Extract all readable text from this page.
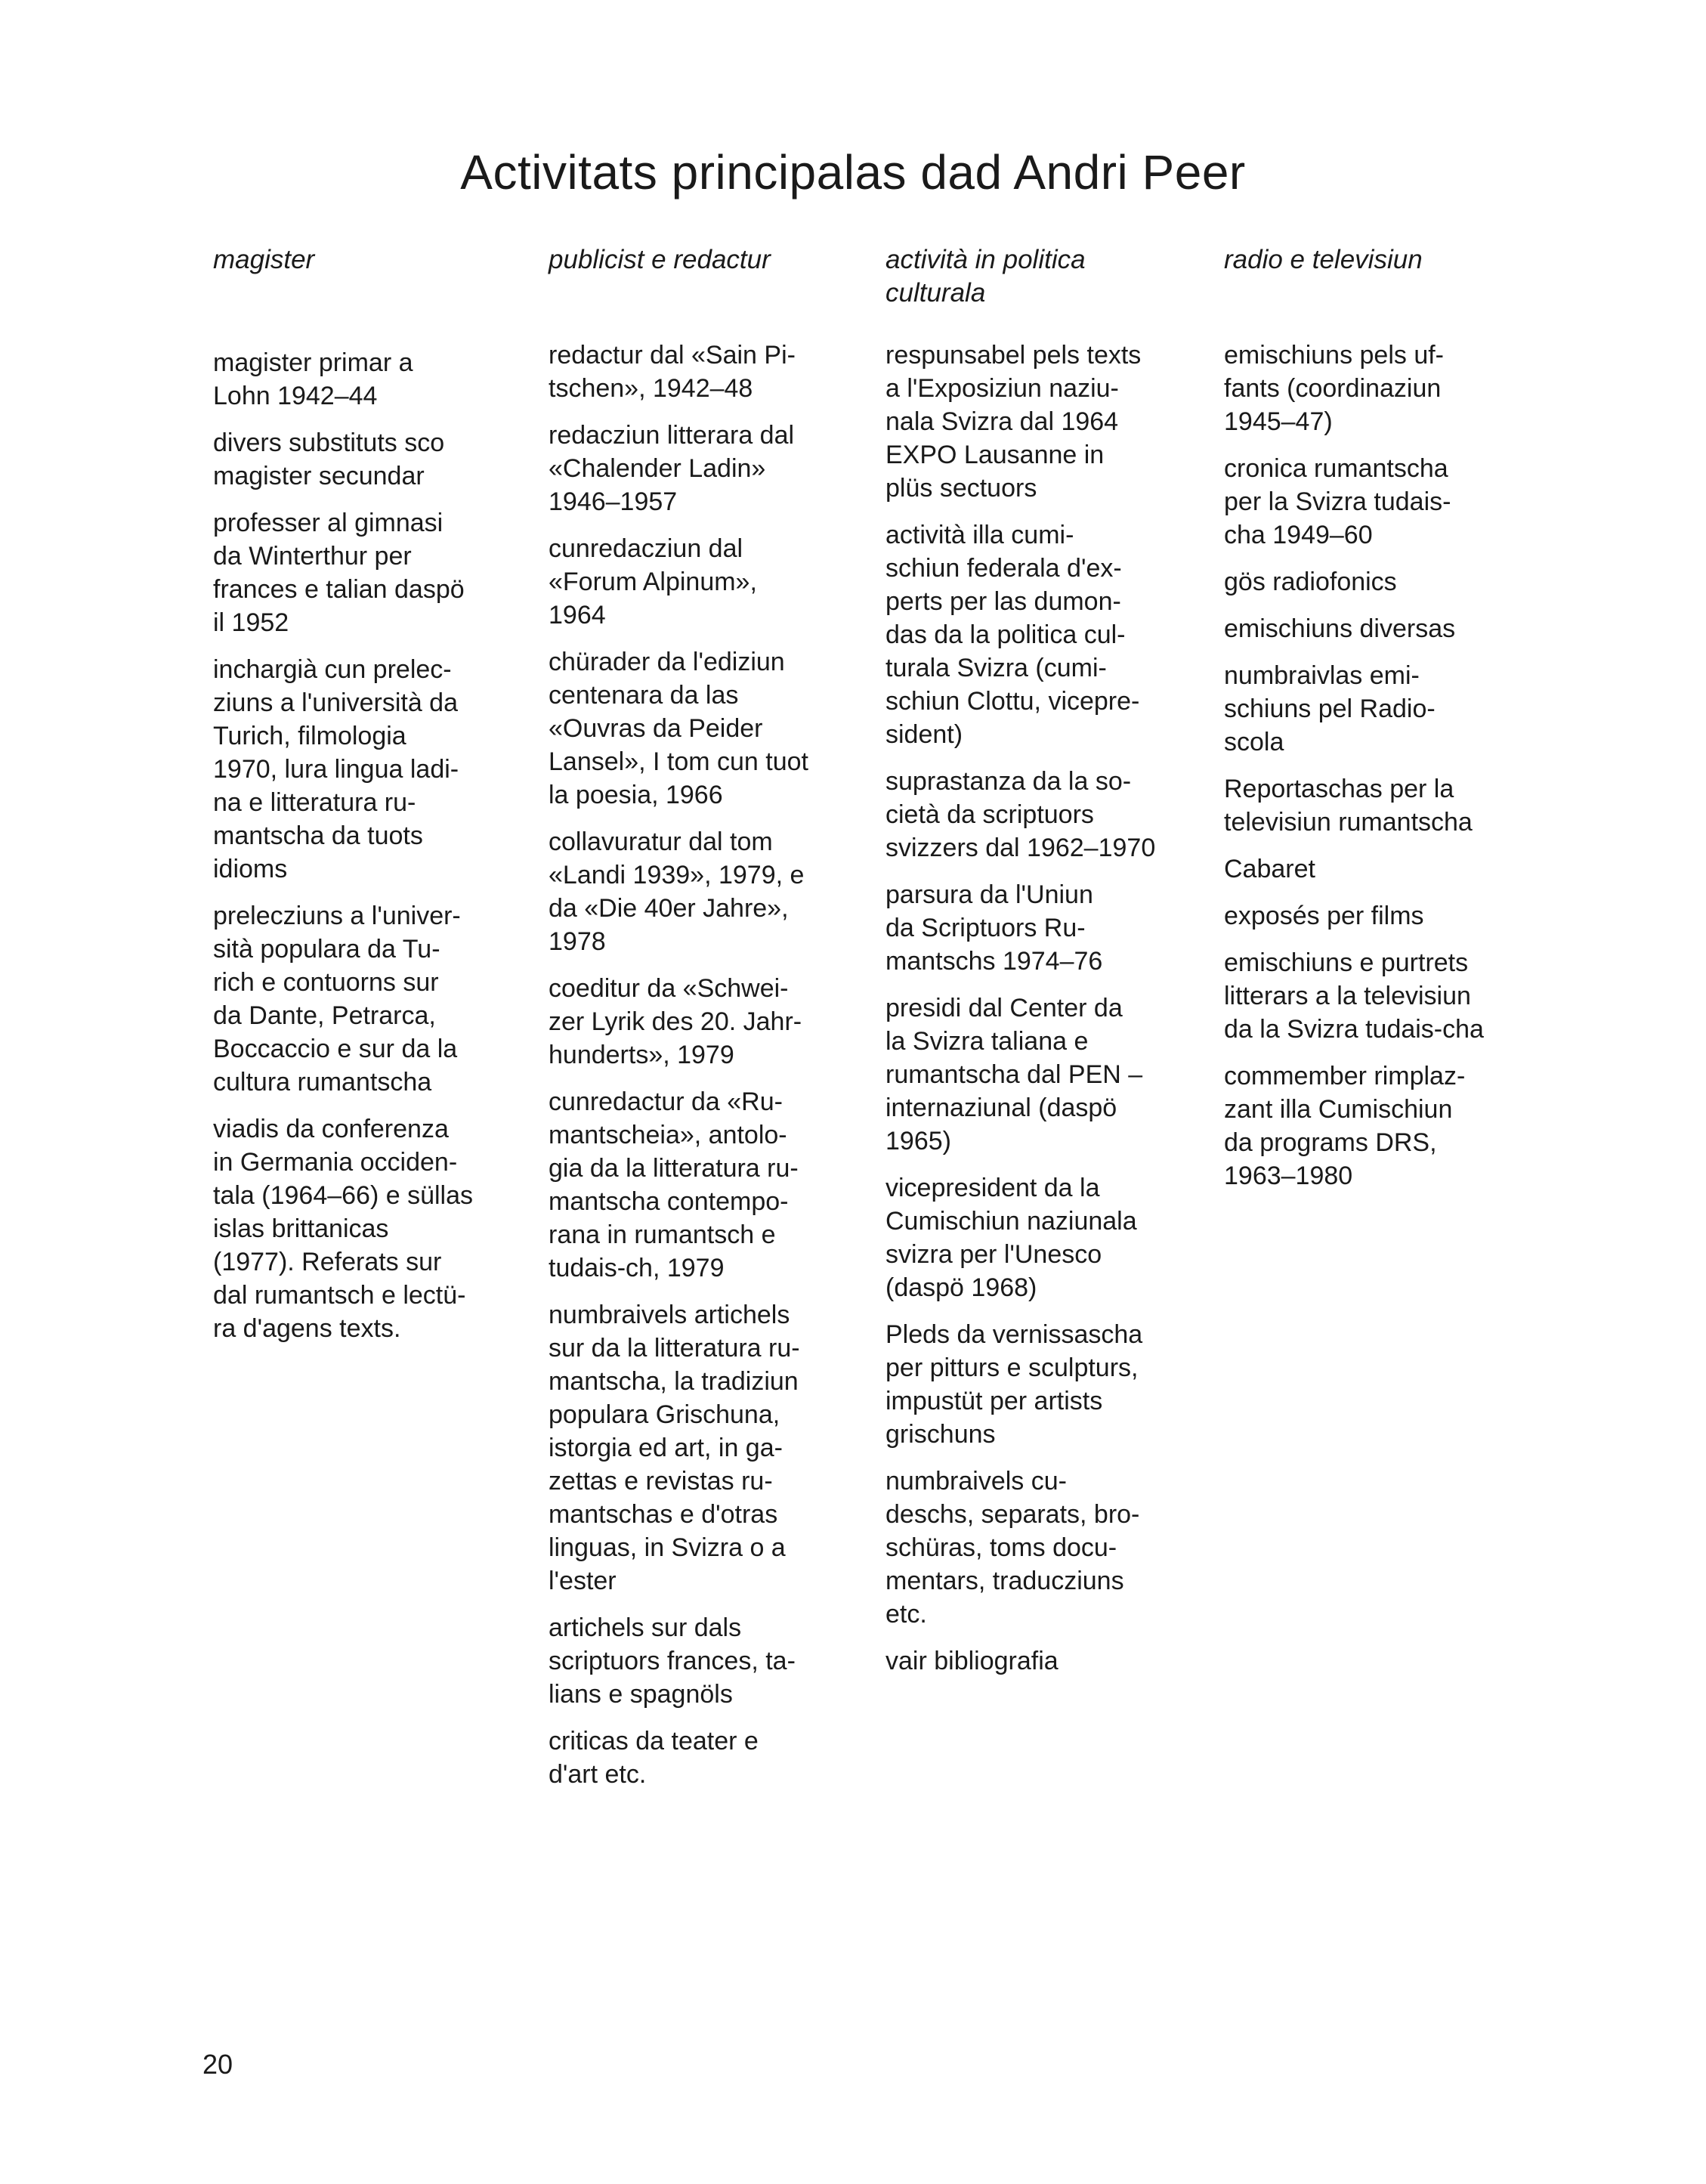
Activitats principalas dad Andri Peer
magister
magister primar a
Lohn 1942–44
divers substituts sco
magister secundar
professer al gimnasi
da Winterthur per
frances e talian daspö
il 1952
inchargià cun prelec-
ziuns a l'università da
Turich, filmologia
1970, lura lingua ladi-
na e litteratura ru-
mantscha da tuots
idioms
prelecziuns a l'univer-
sità populara da Tu-
rich e contuorns sur
da Dante, Petrarca,
Boccaccio e sur da la
cultura rumantscha
viadis da conferenza
in Germania occiden-
tala (1964–66) e süllas
islas brittanicas
(1977). Referats sur
dal rumantsch e lectü-
ra d'agens texts.
publicist e redactur
redactur dal «Sain Pi-
tschen», 1942–48
redacziun litterara dal
«Chalender Ladin»
1946–1957
cunredacziun dal
«Forum Alpinum»,
1964
chürader da l'ediziun
centenara da las
«Ouvras da Peider
Lansel», I tom cun tuot
la poesia, 1966
collavuratur dal tom
«Landi 1939», 1979, e
da «Die 40er Jahre»,
1978
coeditur da «Schwei-
zer Lyrik des 20. Jahr-
hunderts», 1979
cunredactur da «Ru-
mantscheia», antolo-
gia da la litteratura ru-
mantscha contempo-
rana in rumantsch e
tudais-ch, 1979
numbraivels artichels
sur da la litteratura ru-
mantscha, la tradiziun
populara Grischuna,
istorgia ed art, in ga-
zettas e revistas ru-
mantschas e d'otras
linguas, in Svizra o a
l'ester
artichels sur dals
scriptuors frances, ta-
lians e spagnöls
criticas da teater e
d'art etc.
actività in politica
culturala
respunsabel pels texts
a l'Exposiziun naziu-
nala Svizra dal 1964
EXPO Lausanne in
plüs sectuors
actività illa cumi-
schiun federala d'ex-
perts per las dumon-
das da la politica cul-
turala Svizra (cumi-
schiun Clottu, vicepre-
sident)
suprastanza da la so-
cietà da scriptuors
svizzers dal 1962–1970
parsura da l'Uniun
da Scriptuors Ru-
mantschs 1974–76
presidi dal Center da
la Svizra taliana e
rumantscha dal PEN –
internaziunal (daspö
1965)
vicepresident da la
Cumischiun naziunala
svizra per l'Unesco
(daspö 1968)
Pleds da vernissascha
per pitturs e sculpturs,
impustüt per artists
grischuns
numbraivels cu-
deschs, separats, bro-
schüras, toms docu-
mentars, traducziuns
etc.
vair bibliografia
radio e televisiun
emischiuns pels uf-
fants (coordinaziun
1945–47)
cronica rumantscha
per la Svizra tudais-
cha 1949–60
gös radiofonics
emischiuns diversas
numbraivlas emi-
schiuns pel Radio-
scola
Reportaschas per la
televisiun rumantscha
Cabaret
exposés per films
emischiuns e purtrets
litterars a la televisiun
da la Svizra tudais-cha
commember rimplaz-
zant illa Cumischiun
da programs DRS,
1963–1980
20
